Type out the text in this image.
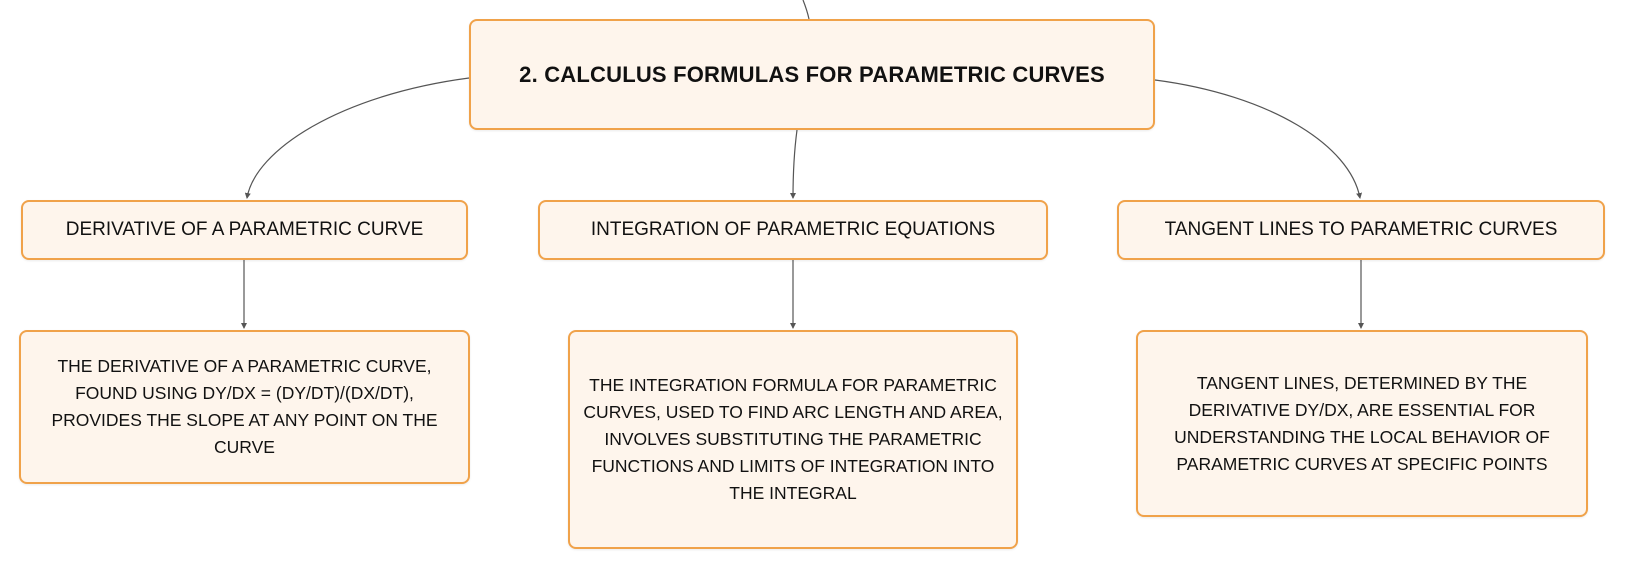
2. CALCULUS FORMULAS FOR PARAMETRIC CURVES
DERIVATIVE OF A PARAMETRIC CURVE	INTEGRATION OF PARAMETRIC EQUATIONS	TANGENT LINES TO PARAMETRIC CURVES
THE DERIVATIVE OF A PARAMETRIC CURVE, FOUND USING DY/DX = (DY/DT)/(DX/DT), PROVIDES THE SLOPE AT ANY POINT ON THE CURVE
THE INTEGRATION FORMULA FOR PARAMETRIC CURVES, USED TO FIND ARC LENGTH AND AREA, INVOLVES SUBSTITUTING THE PARAMETRIC FUNCTIONS AND LIMITS OF INTEGRATION INTO THE INTEGRAL
TANGENT LINES, DETERMINED BY THE DERIVATIVE DY/DX, ARE ESSENTIAL FOR UNDERSTANDING THE LOCAL BEHAVIOR OF PARAMETRIC CURVES AT SPECIFIC POINTS
